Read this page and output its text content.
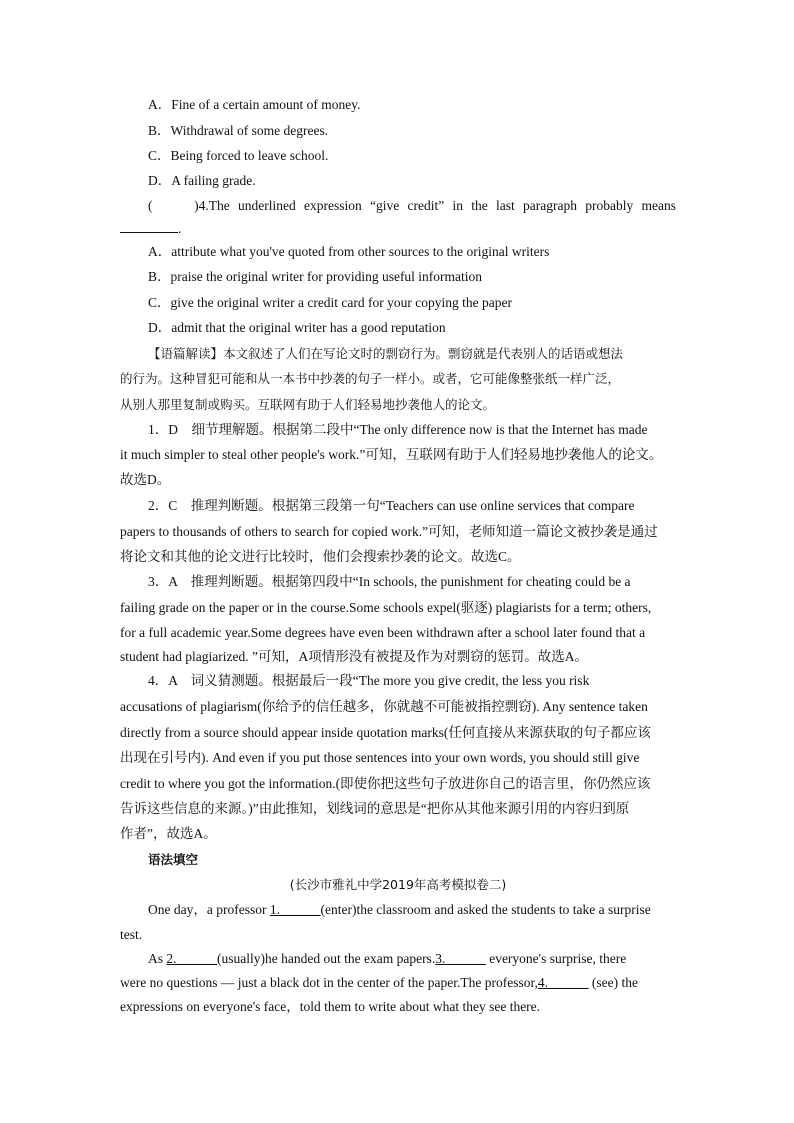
A．Fine of a certain amount of money.
B．Withdrawal of some degrees.
C．Being forced to leave school.
D．A failing grade.
(　　)4.The underlined expression “give credit” in the last paragraph probably means
.
A．attribute what you've quoted from other sources to the original writers
B．praise the original writer for providing useful information
C．give the original writer a credit card for your copying the paper
D．admit that the original writer has a good reputation
【语篇解读】本文叙述了人们在写论文时的剽窃行为。剽窃就是代表别人的话语或想法
的行为。这种冒犯可能和从一本书中抄袭的句子一样小。或者，它可能像整张纸一样广泛，
从别人那里复制或购买。互联网有助于人们轻易地抄袭他人的论文。
1．D　细节理解题。根据第二段中“The only difference now is that the Internet has made
it much simpler to steal other people's work.”可知，互联网有助于人们轻易地抄袭他人的论文。
故选D。
2．C　推理判断题。根据第三段第一句“Teachers can use online services that compare
papers to thousands of others to search for copied work.”可知，老师知道一篇论文被抄袭是通过
将论文和其他的论文进行比较时，他们会搜索抄袭的论文。故选C。
3．A　推理判断题。根据第四段中“In schools, the punishment for cheating could be a
failing grade on the paper or in the course.Some schools expel(驱逐) plagiarists for a term; others,
for a full academic year.Some degrees have even been withdrawn after a school later found that a
student had plagiarized. ”可知，A项情形没有被提及作为对剽窃的惩罚。故选A。
4．A　词义猜测题。根据最后一段“The more you give credit, the less you risk
accusations of plagiarism(你给予的信任越多，你就越不可能被指控剽窃). Any sentence taken
directly from a source should appear inside quotation marks(任何直接从来源获取的句子都应该
出现在引号内). And even if you put those sentences into your own words, you should still give
credit to where you got the information.(即使你把这些句子放进你自己的语言里，你仍然应该
告诉这些信息的来源。)”由此推知，划线词的意思是“把你从其他来源引用的内容归到原
作者”，故选A。
语法填空
(长沙市雅礼中学2019年高考模拟卷二)
One day，a professor 1.______(enter)the classroom and asked the students to take a surprise
test.
As 2.______(usually)he handed out the exam papers.3.______ everyone's surprise, there
were no questions — just a black dot in the center of the paper.The professor,4.______ (see) the
expressions on everyone's face，told them to write about what they see there.
